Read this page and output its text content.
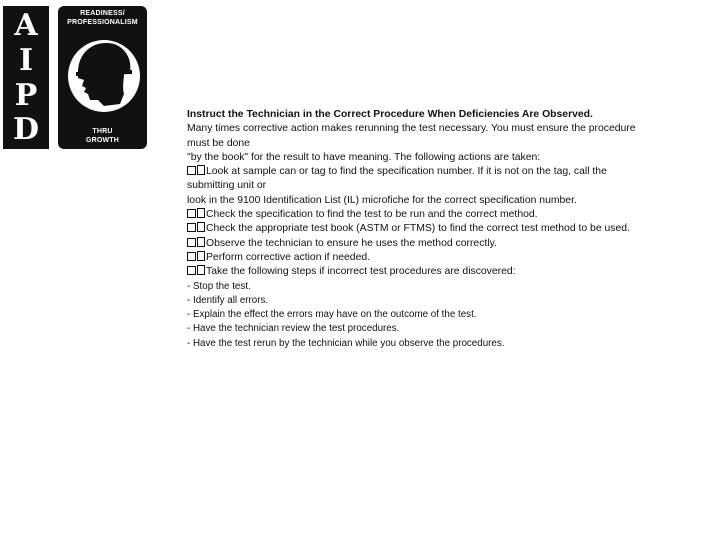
A
I
P
D
READINESS/
PROFESSIONALISM
THRU
GROWTH
Instruct the Technician in the Correct Procedure When Deficiencies Are Observed.
Many times corrective action makes rerunning the test necessary. You must ensure the procedure
must be done
"by the book" for the result to have meaning. The following actions are taken:
Look at sample can or tag to find the specification number. If it is not on the tag, call the
submitting unit or
look in the 9100 Identification List (IL) microfiche for the correct specification number.
Check the specification to find the test to be run and the correct method.
Check the appropriate test book (ASTM or FTMS) to find the correct test method to be used.
Observe the technician to ensure he uses the method correctly.
Perform corrective action if needed.
Take the following steps if incorrect test procedures are discovered:
- Stop the test.
- Identify all errors.
- Explain the effect the errors may have on the outcome of the test.
- Have the technician review the test procedures.
- Have the test rerun by the technician while you observe the procedures.
